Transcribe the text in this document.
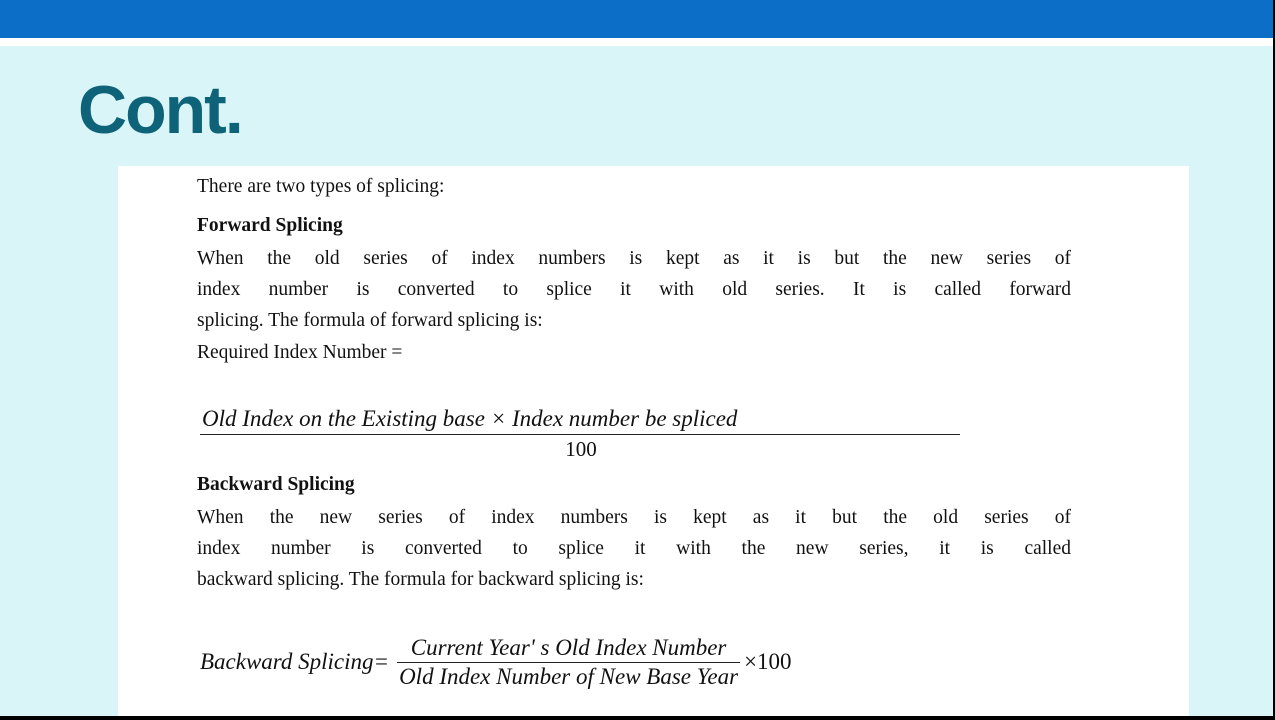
Cont.

There are two types of splicing:

Forward Splicing

When the old series of index numbers is kept as it is but the new series of
index number is converted to splice it with old series. It is called forward
splicing. The formula of forward splicing is:

Required Index Number =

Old Index on the Existing base × Index number be spliced
100

Backward Splicing

When the new series of index numbers is kept as it but the old series of
index number is converted to splice it with the new series, it is called
backward splicing. The formula for backward splicing is:
Backward Splicing=
Current Year' s Old Index Number
Old Index Number of New Base Year
×100
